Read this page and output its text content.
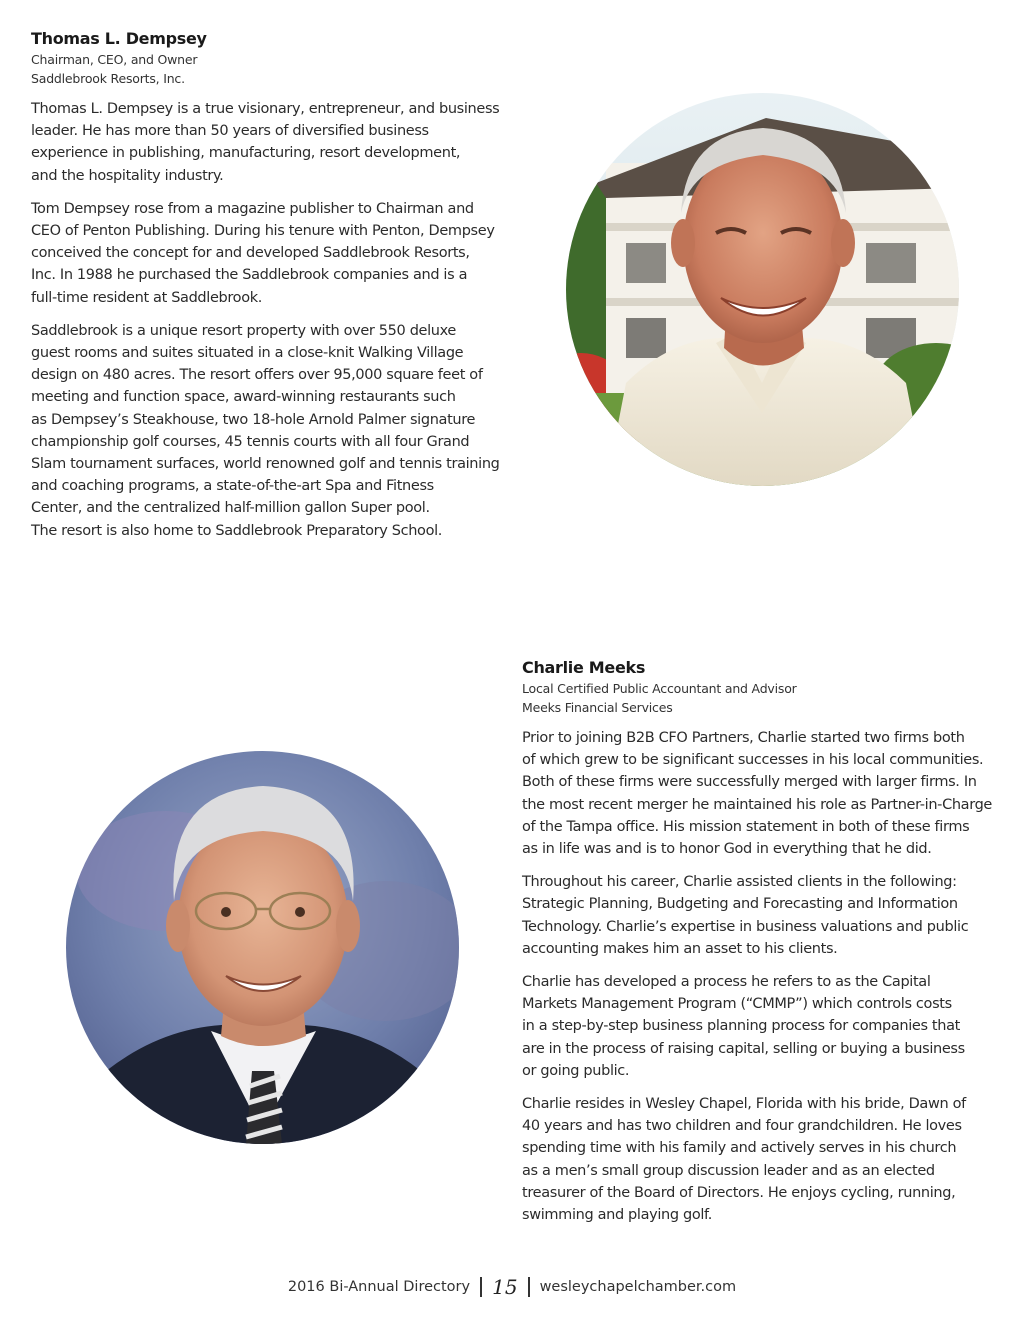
Thomas L. Dempsey
Chairman, CEO, and Owner
Saddlebrook Resorts, Inc.

Thomas L. Dempsey is a true visionary, entrepreneur, and business
leader. He has more than 50 years of diversified business
experience in publishing, manufacturing, resort development,
and the hospitality industry.

Tom Dempsey rose from a magazine publisher to Chairman and
CEO of Penton Publishing. During his tenure with Penton, Dempsey
conceived the concept for and developed Saddlebrook Resorts,
Inc. In 1988 he purchased the Saddlebrook companies and is a
full-time resident at Saddlebrook.

Saddlebrook is a unique resort property with over 550 deluxe
guest rooms and suites situated in a close-knit Walking Village
design on 480 acres. The resort offers over 95,000 square feet of
meeting and function space, award-winning restaurants such
as Dempsey’s Steakhouse, two 18-hole Arnold Palmer signature
championship golf courses, 45 tennis courts with all four Grand
Slam tournament surfaces, world renowned golf and tennis training
and coaching programs, a state-of-the-art Spa and Fitness
Center, and the centralized half-million gallon Super pool.
The resort is also home to Saddlebrook Preparatory School.

Charlie Meeks
Local Certified Public Accountant and Advisor
Meeks Financial Services

Prior to joining B2B CFO Partners, Charlie started two firms both
of which grew to be significant successes in his local communities.
Both of these firms were successfully merged with larger firms. In
the most recent merger he maintained his role as Partner-in-Charge
of the Tampa office. His mission statement in both of these firms
as in life was and is to honor God in everything that he did.

Throughout his career, Charlie assisted clients in the following:
Strategic Planning, Budgeting and Forecasting and Information
Technology. Charlie’s expertise in business valuations and public
accounting makes him an asset to his clients.

Charlie has developed a process he refers to as the Capital
Markets Management Program (“CMMP”) which controls costs
in a step-by-step business planning process for companies that
are in the process of raising capital, selling or buying a business
or going public.

Charlie resides in Wesley Chapel, Florida with his bride, Dawn of
40 years and has two children and four grandchildren. He loves
spending time with his family and actively serves in his church
as a men’s small group discussion leader and as an elected
treasurer of the Board of Directors. He enjoys cycling, running,
swimming and playing golf.

2016 Bi-Annual Directory 15 wesleychapelchamber.com
